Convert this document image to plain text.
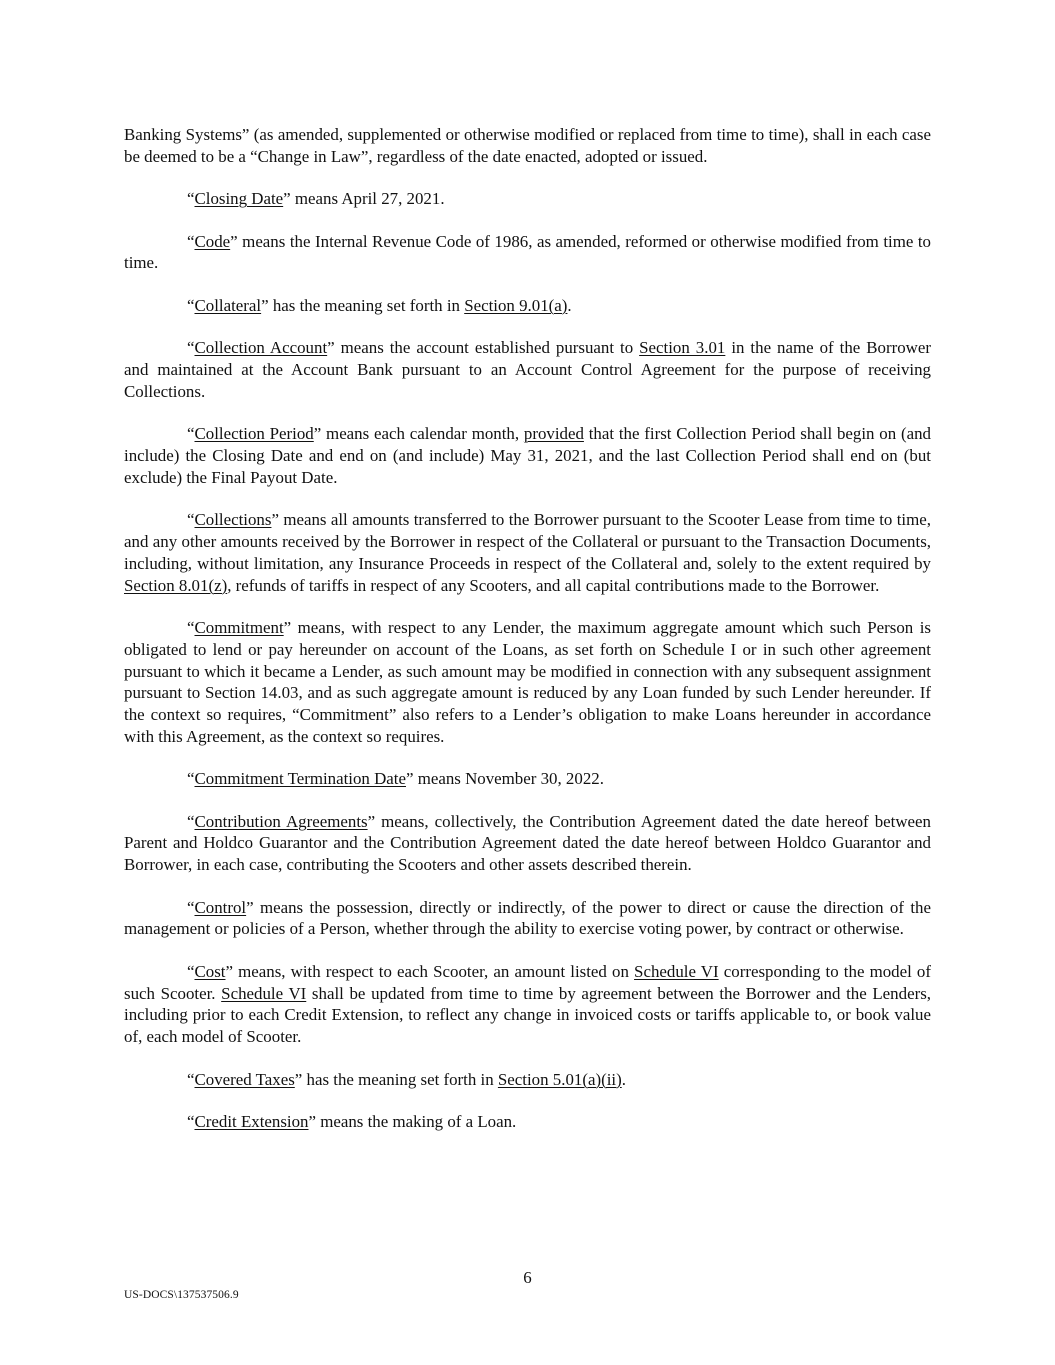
Banking Systems” (as amended, supplemented or otherwise modified or replaced from time to time), shall in each case be deemed to be a “Change in Law”, regardless of the date enacted, adopted or issued.

“Closing Date” means April 27, 2021.

“Code” means the Internal Revenue Code of 1986, as amended, reformed or otherwise modified from time to time.

“Collateral” has the meaning set forth in Section 9.01(a).

“Collection Account” means the account established pursuant to Section 3.01 in the name of the Borrower and maintained at the Account Bank pursuant to an Account Control Agreement for the purpose of receiving Collections.

“Collection Period” means each calendar month, provided that the first Collection Period shall begin on (and include) the Closing Date and end on (and include) May 31, 2021, and the last Collection Period shall end on (but exclude) the Final Payout Date.

“Collections” means all amounts transferred to the Borrower pursuant to the Scooter Lease from time to time, and any other amounts received by the Borrower in respect of the Collateral or pursuant to the Transaction Documents, including, without limitation, any Insurance Proceeds in respect of the Collateral and, solely to the extent required by Section 8.01(z), refunds of tariffs in respect of any Scooters, and all capital contributions made to the Borrower.

“Commitment” means, with respect to any Lender, the maximum aggregate amount which such Person is obligated to lend or pay hereunder on account of the Loans, as set forth on Schedule I or in such other agreement pursuant to which it became a Lender, as such amount may be modified in connection with any subsequent assignment pursuant to Section 14.03, and as such aggregate amount is reduced by any Loan funded by such Lender hereunder. If the context so requires, “Commitment” also refers to a Lender’s obligation to make Loans hereunder in accordance with this Agreement, as the context so requires.

“Commitment Termination Date” means November 30, 2022.

“Contribution Agreements” means, collectively, the Contribution Agreement dated the date hereof between Parent and Holdco Guarantor and the Contribution Agreement dated the date hereof between Holdco Guarantor and Borrower, in each case, contributing the Scooters and other assets described therein.

“Control” means the possession, directly or indirectly, of the power to direct or cause the direction of the management or policies of a Person, whether through the ability to exercise voting power, by contract or otherwise.

“Cost” means, with respect to each Scooter, an amount listed on Schedule VI corresponding to the model of such Scooter. Schedule VI shall be updated from time to time by agreement between the Borrower and the Lenders, including prior to each Credit Extension, to reflect any change in invoiced costs or tariffs applicable to, or book value of, each model of Scooter.

“Covered Taxes” has the meaning set forth in Section 5.01(a)(ii).

“Credit Extension” means the making of a Loan.

6
US-DOCS\137537506.9
